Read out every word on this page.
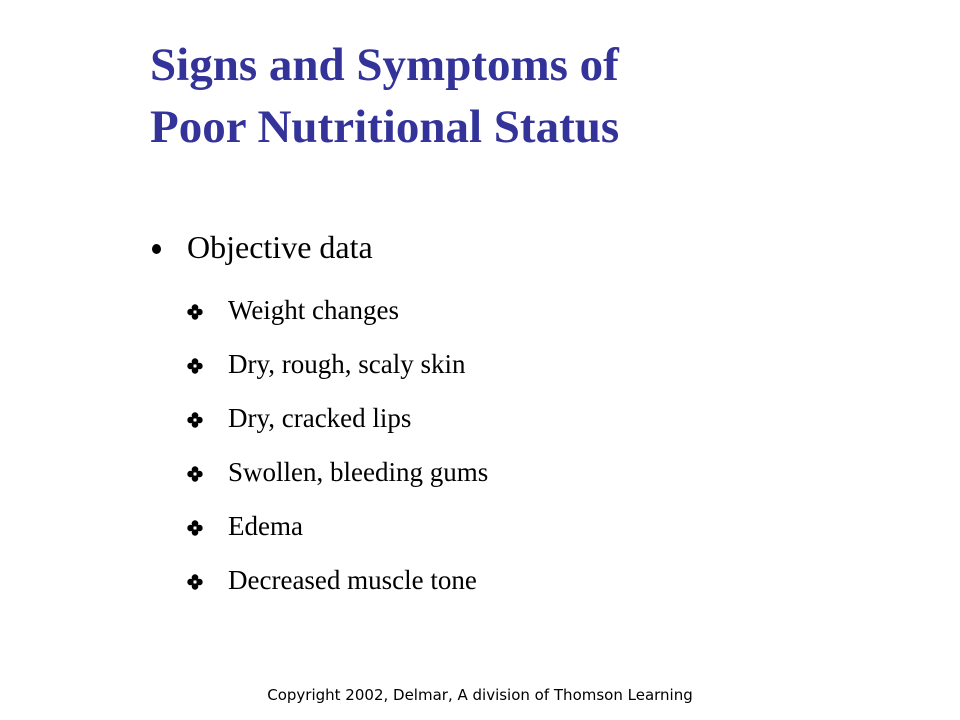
Signs and Symptoms of
Poor Nutritional Status
Objective data
Weight changes
Dry, rough, scaly skin
Dry, cracked lips
Swollen, bleeding gums
Edema
Decreased muscle tone
Copyright 2002, Delmar, A division of Thomson Learning
